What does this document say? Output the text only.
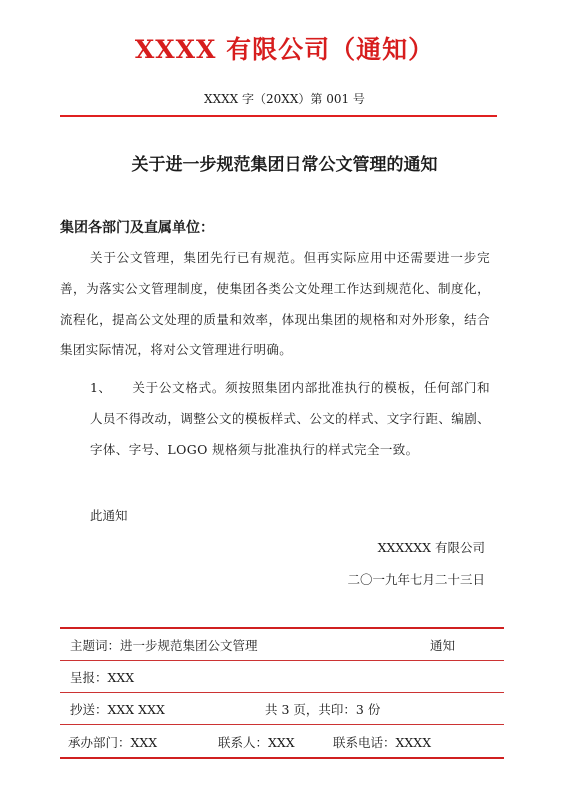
XXXX 有限公司（通知）
XXXX 字（20XX）第 001 号
关于进一步规范集团日常公文管理的通知
集团各部门及直属单位：

关于公文管理，集团先行已有规范。但再实际应用中还需要进一步完善，为落实公文管理制度，使集团各类公文处理工作达到规范化、制度化，流程化，提高公文处理的质量和效率，体现出集团的规格和对外形象，结合集团实际情况，将对公文管理进行明确。

1、 关于公文格式。须按照集团内部批准执行的模板，任何部门和人员不得改动，调整公文的模板样式、公文的样式、文字行距、编剧、字体、字号、LOGO 规格须与批准执行的样式完全一致。

此通知
XXXXXX 有限公司
二〇一九年七月二十三日
主题词：进一步规范集团公文管理	通知
呈报：XXX
抄送：XXX XXX	共 3 页，共印：3 份
承办部门：XXX	联系人：XXX	联系电话：XXXX
